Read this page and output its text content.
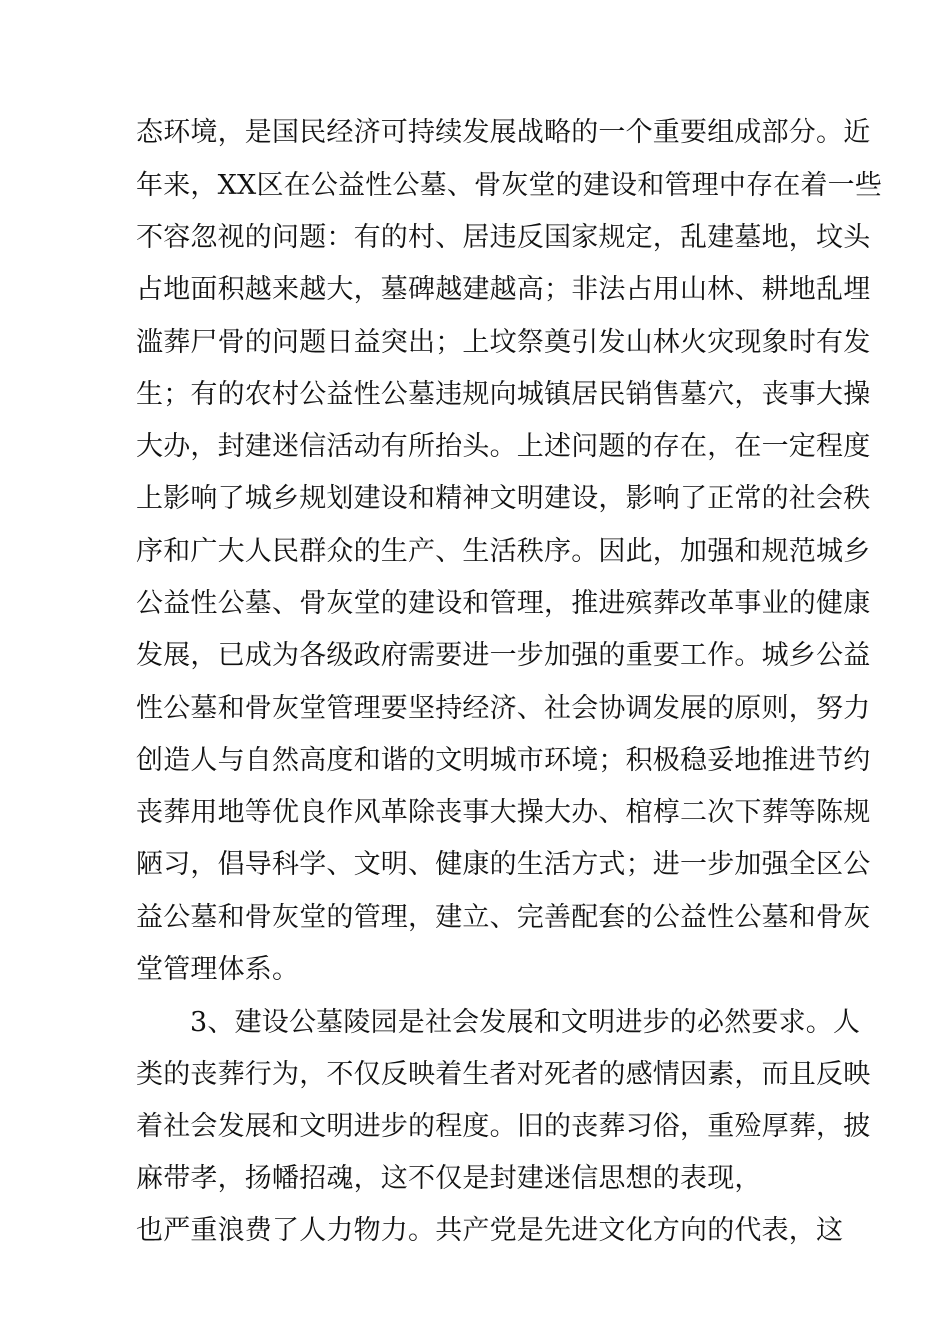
态环境，是国民经济可持续发展战略的一个重要组成部分。近
年来，XX区在公益性公墓、骨灰堂的建设和管理中存在着一些
不容忽视的问题：有的村、居违反国家规定，乱建墓地，坟头
占地面积越来越大，墓碑越建越高；非法占用山林、耕地乱埋
滥葬尸骨的问题日益突出；上坟祭奠引发山林火灾现象时有发
生；有的农村公益性公墓违规向城镇居民销售墓穴，丧事大操
大办，封建迷信活动有所抬头。上述问题的存在，在一定程度
上影响了城乡规划建设和精神文明建设，影响了正常的社会秩
序和广大人民群众的生产、生活秩序。因此，加强和规范城乡
公益性公墓、骨灰堂的建设和管理，推进殡葬改革事业的健康
发展，已成为各级政府需要进一步加强的重要工作。城乡公益
性公墓和骨灰堂管理要坚持经济、社会协调发展的原则，努力
创造人与自然高度和谐的文明城市环境；积极稳妥地推进节约
丧葬用地等优良作风革除丧事大操大办、棺椁二次下葬等陈规
陋习，倡导科学、文明、健康的生活方式；进一步加强全区公
益公墓和骨灰堂的管理，建立、完善配套的公益性公墓和骨灰
堂管理体系。
3、建设公墓陵园是社会发展和文明进步的必然要求。人
类的丧葬行为，不仅反映着生者对死者的感情因素，而且反映
着社会发展和文明进步的程度。旧的丧葬习俗，重殓厚葬，披
麻带孝，扬幡招魂，这不仅是封建迷信思想的表现，
也严重浪费了人力物力。共产党是先进文化方向的代表，这
